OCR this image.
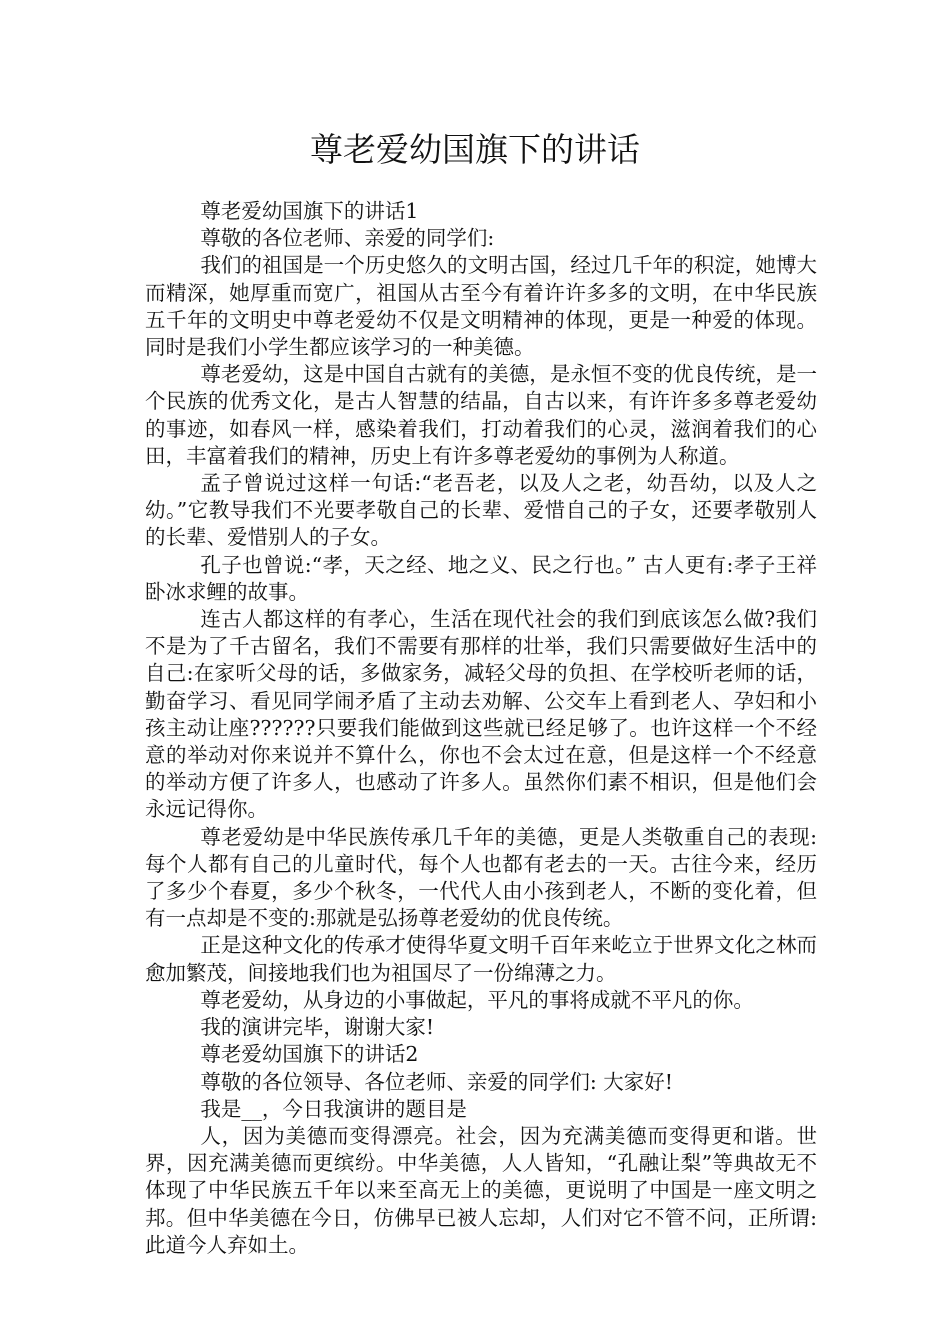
尊老爱幼国旗下的讲话

尊老爱幼国旗下的讲话1

尊敬的各位老师、亲爱的同学们:

我们的祖国是一个历史悠久的文明古国，经过几千年的积淀，她博大而精深，她厚重而宽广，祖国从古至今有着许许多多的文明，在中华民族五千年的文明史中尊老爱幼不仅是文明精神的体现，更是一种爱的体现。同时是我们小学生都应该学习的一种美德。

尊老爱幼，这是中国自古就有的美德，是永恒不变的优良传统，是一个民族的优秀文化，是古人智慧的结晶，自古以来，有许许多多尊老爱幼的事迹，如春风一样，感染着我们，打动着我们的心灵，滋润着我们的心田，丰富着我们的精神，历史上有许多尊老爱幼的事例为人称道。

孟子曾说过这样一句话:“老吾老，以及人之老，幼吾幼，以及人之幼。”它教导我们不光要孝敬自己的长辈、爱惜自己的子女，还要孝敬别人的长辈、爱惜别人的子女。

孔子也曾说:“孝，天之经、地之义、民之行也。” 古人更有:孝子王祥卧冰求鲤的故事。

连古人都这样的有孝心，生活在现代社会的我们到底该怎么做?我们不是为了千古留名，我们不需要有那样的壮举，我们只需要做好生活中的自己:在家听父母的话，多做家务，减轻父母的负担、在学校听老师的话，勤奋学习、看见同学闹矛盾了主动去劝解、公交车上看到老人、孕妇和小孩主动让座??????只要我们能做到这些就已经足够了。也许这样一个不经意的举动对你来说并不算什么，你也不会太过在意，但是这样一个不经意的举动方便了许多人，也感动了许多人。虽然你们素不相识，但是他们会永远记得你。

尊老爱幼是中华民族传承几千年的美德，更是人类敬重自己的表现:每个人都有自己的儿童时代，每个人也都有老去的一天。古往今来，经历了多少个春夏，多少个秋冬，一代代人由小孩到老人，不断的变化着，但有一点却是不变的:那就是弘扬尊老爱幼的优良传统。

正是这种文化的传承才使得华夏文明千百年来屹立于世界文化之林而愈加繁茂，间接地我们也为祖国尽了一份绵薄之力。

尊老爱幼，从身边的小事做起，平凡的事将成就不平凡的你。

我的演讲完毕，谢谢大家!

尊老爱幼国旗下的讲话2

尊敬的各位领导、各位老师、亲爱的同学们: 大家好!

我是__，今日我演讲的题目是

人，因为美德而变得漂亮。社会，因为充满美德而变得更和谐。世界，因充满美德而更缤纷。中华美德，人人皆知，“孔融让梨”等典故无不体现了中华民族五千年以来至高无上的美德，更说明了中国是一座文明之邦。但中华美德在今日，仿佛早已被人忘却，人们对它不管不问，正所谓:此道今人弃如土。
